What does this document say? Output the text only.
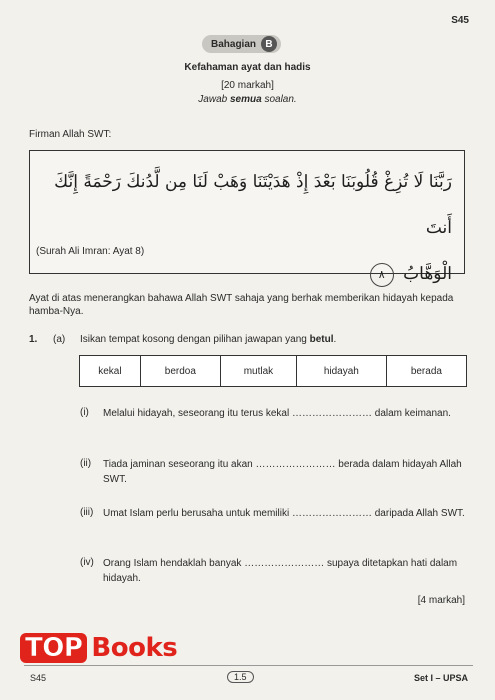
S45
Bahagian B
Kefahaman ayat dan hadis
[20 markah]
Jawab semua soalan.
Firman Allah SWT:
رَبَّنَا لَا تُزِغْ قُلُوبَنَا بَعْدَ إِذْ هَدَيْتَنَا وَهَبْ لَنَا مِن لَّدُنكَ رَحْمَةً إِنَّكَ أَنتَ
الْوَهَّابُ ٨
(Surah Ali Imran: Ayat 8)
Ayat di atas menerangkan bahawa Allah SWT sahaja yang berhak memberikan hidayah kepada hamba-Nya.
1. (a) Isikan tempat kosong dengan pilihan jawapan yang betul.
kekal	berdoa	mutlak	hidayah	berada
(i) Melalui hidayah, seseorang itu terus kekal …………………… dalam keimanan.
(ii) Tiada jaminan seseorang itu akan …………………… berada dalam hidayah Allah SWT.
(iii) Umat Islam perlu berusaha untuk memiliki …………………… daripada Allah SWT.
(iv) Orang Islam hendaklah banyak …………………… supaya ditetapkan hati dalam hidayah.
[4 markah]
S45	1.5	Set I – UPSA
TOP Books
